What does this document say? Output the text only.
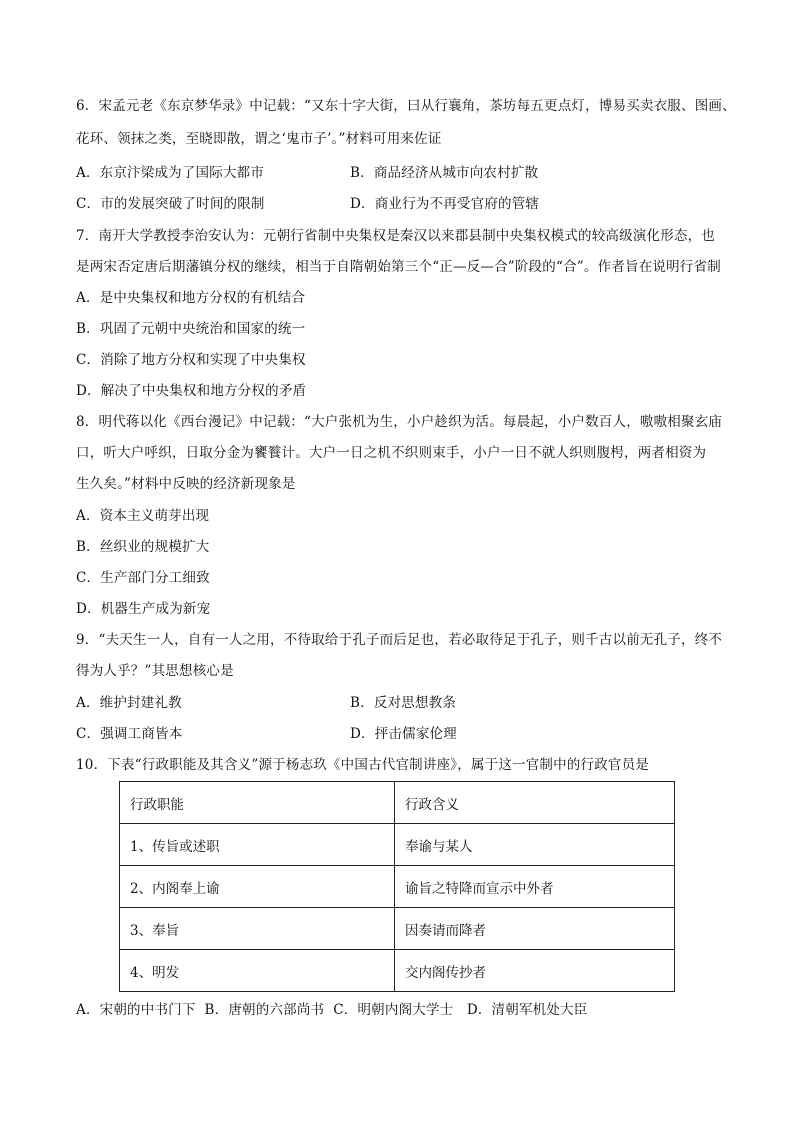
6．宋孟元老《东京梦华录》中记载：“又东十字大街，曰从行襄角，茶坊每五更点灯，博易买卖衣服、图画、
花环、领抹之类，至晓即散，谓之‘鬼市子’。”材料可用来佐证
A．东京汴梁成为了国际大都市	B．商品经济从城市向农村扩散
C．市的发展突破了时间的限制	D．商业行为不再受官府的管辖
7．南开大学教授李治安认为：元朝行省制中央集权是秦汉以来郡县制中央集权模式的较高级演化形态，也
是两宋否定唐后期藩镇分权的继续，相当于自隋朝始第三个“正—反—合”阶段的“合”。作者旨在说明行省制
A．是中央集权和地方分权的有机结合
B．巩固了元朝中央统治和国家的统一
C．消除了地方分权和实现了中央集权
D．解决了中央集权和地方分权的矛盾
8．明代蒋以化《西台漫记》中记载：“大户张机为生，小户趁织为活。每晨起，小户数百人，嗷嗷相聚玄庙
口，听大户呼织，日取分金为饔餮计。大户一日之机不织则束手，小户一日不就人织则腹枵，两者相资为
生久矣。”材料中反映的经济新现象是
A．资本主义萌芽出现
B．丝织业的规模扩大
C．生产部门分工细致
D．机器生产成为新宠
9．“夫天生一人，自有一人之用，不待取给于孔子而后足也，若必取待足于孔子，则千古以前无孔子，终不
得为人乎？”其思想核心是
A．维护封建礼教	B．反对思想教条
C．强调工商皆本	D．抨击儒家伦理
10．下表“行政职能及其含义”源于杨志玖《中国古代官制讲座》，属于这一官制中的行政官员是
行政职能	行政含义
1、传旨或述职	奉谕与某人
2、内阁奉上谕	谕旨之特降而宣示中外者
3、奉旨	因奏请而降者
4、明发	交内阁传抄者
A．宋朝的中书门下  B．唐朝的六部尚书  C．明朝内阁大学士   D．清朝军机处大臣
